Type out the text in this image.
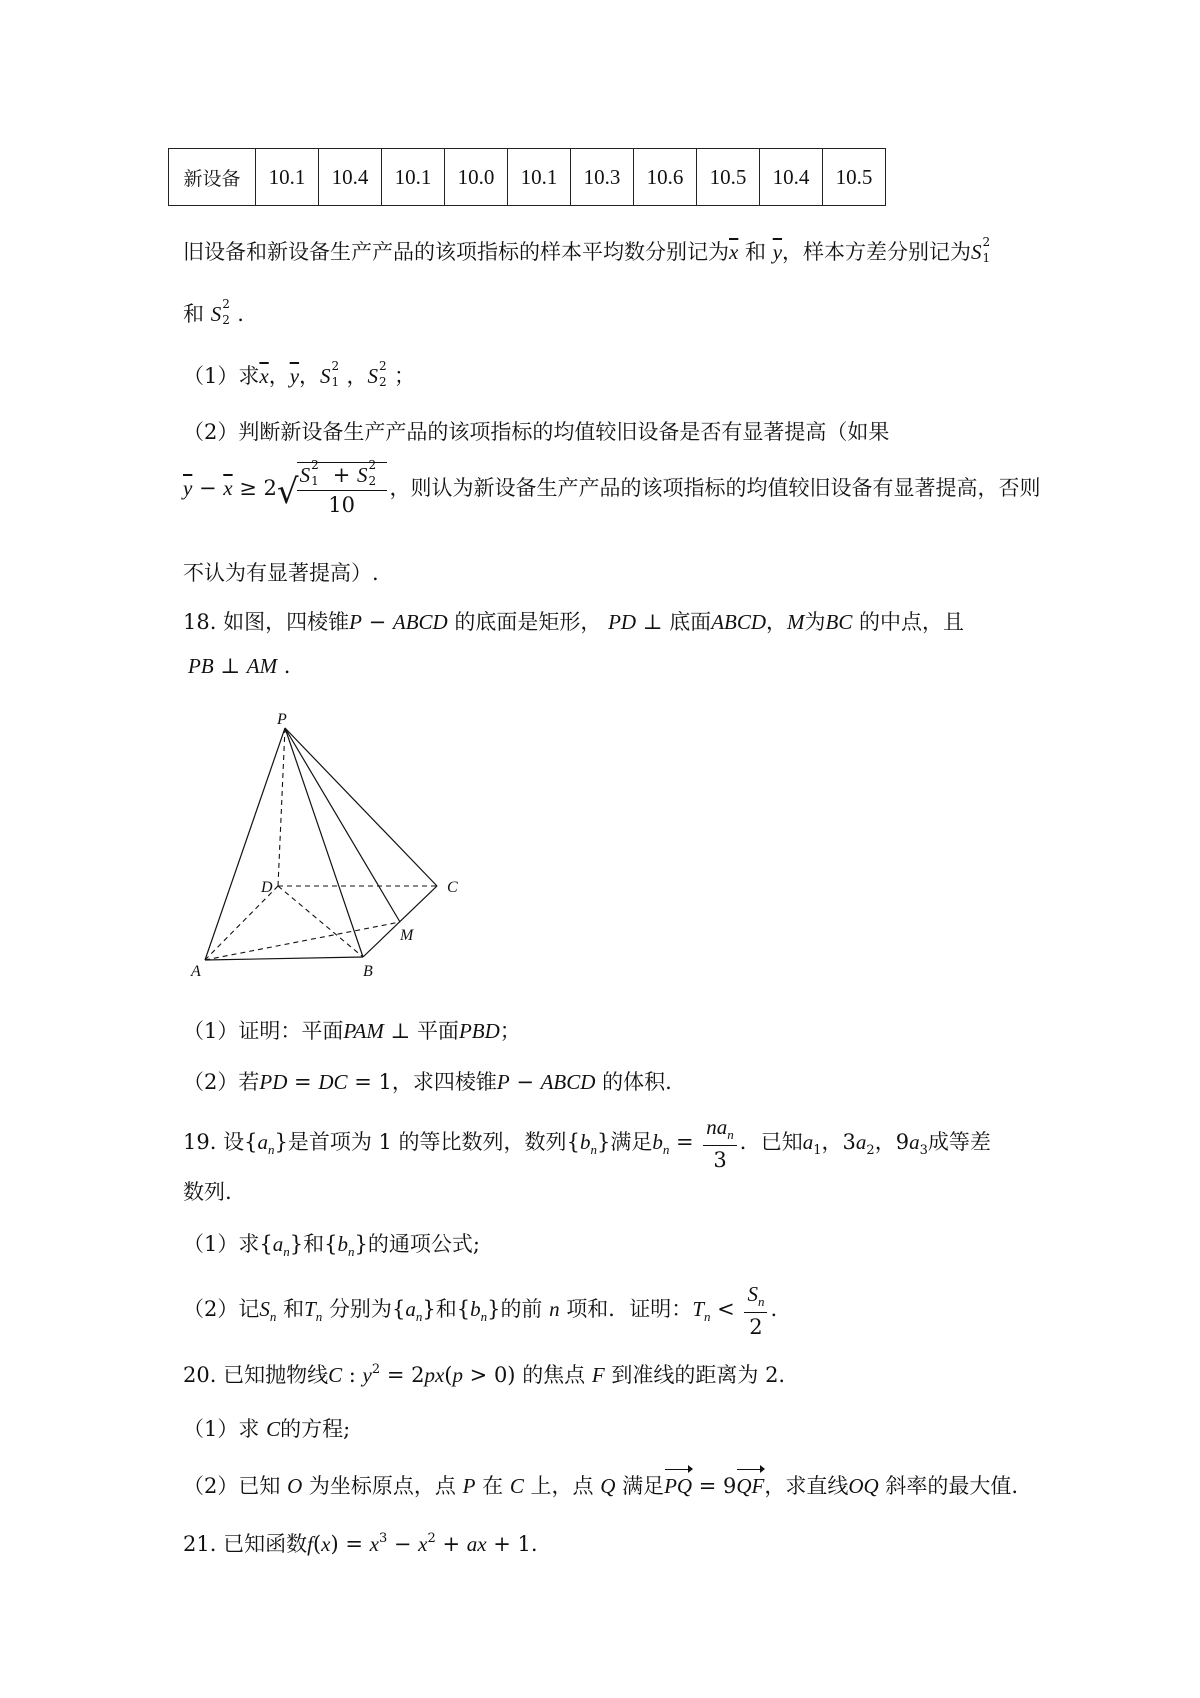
新设备	10.1	10.4	10.1	10.0	10.1	10.3	10.6	10.5	10.4	10.5
旧设备和新设备生产产品的该项指标的样本平均数分别记为$\overline{x}$ 和 $\overline{y}$，样本方差分别记为S 2
1
和 S 2
2 .
（1）求$\overline{x}$，$\overline{y}$，S 2
1 ，S 2
2 ；
（2）判断新设备生产产品的该项指标的均值较旧设备是否有显著提高（如果
$\overline{y} - \overline{x} \ge 2√$
S 2
1 + S 2
2
10 ，则认为新设备生产产品的该项指标的均值较旧设备有显著提高，否则
不认为有显著提高）.
18. 如图，四棱锥P − ABCD 的底面是矩形， PD ⊥ 底面ABCD，M为BC 的中点，且
PB ⊥ AM .
P
A	B
C
D
M
（1）证明：平面PAM ⊥ 平面PBD；
（2）若PD = DC = 1，求四棱锥P − ABCD 的体积.
19. 设$\{a_n\}$是首项为 1 的等比数列，数列$\{b_n\}$满足$b_n = \frac{na_n}{3}$ ．已知$a_1$，$3a_2$，$9a_3$成等差
数列.
（1）求$\{a_n\}$和$\{b_n\}$的通项公式;
（2）记$S_n$ 和$T_n$ 分别为$\{a_n\}$和$\{b_n\}$的前 n 项和．证明：$T_n < \frac{S_n}{2}$ .
20. 已知抛物线C : $y^2 = 2px(p > 0)$ 的焦点 F 到准线的距离为 2.
（1）求 C的方程;
（2）已知 O 为坐标原点，点 P 在 C 上，点 Q 满足PQ = 9QF，求直线OQ 斜率的最大值.
21. 已知函数$f(x) = x^3 - x^2$ + ax + 1.
